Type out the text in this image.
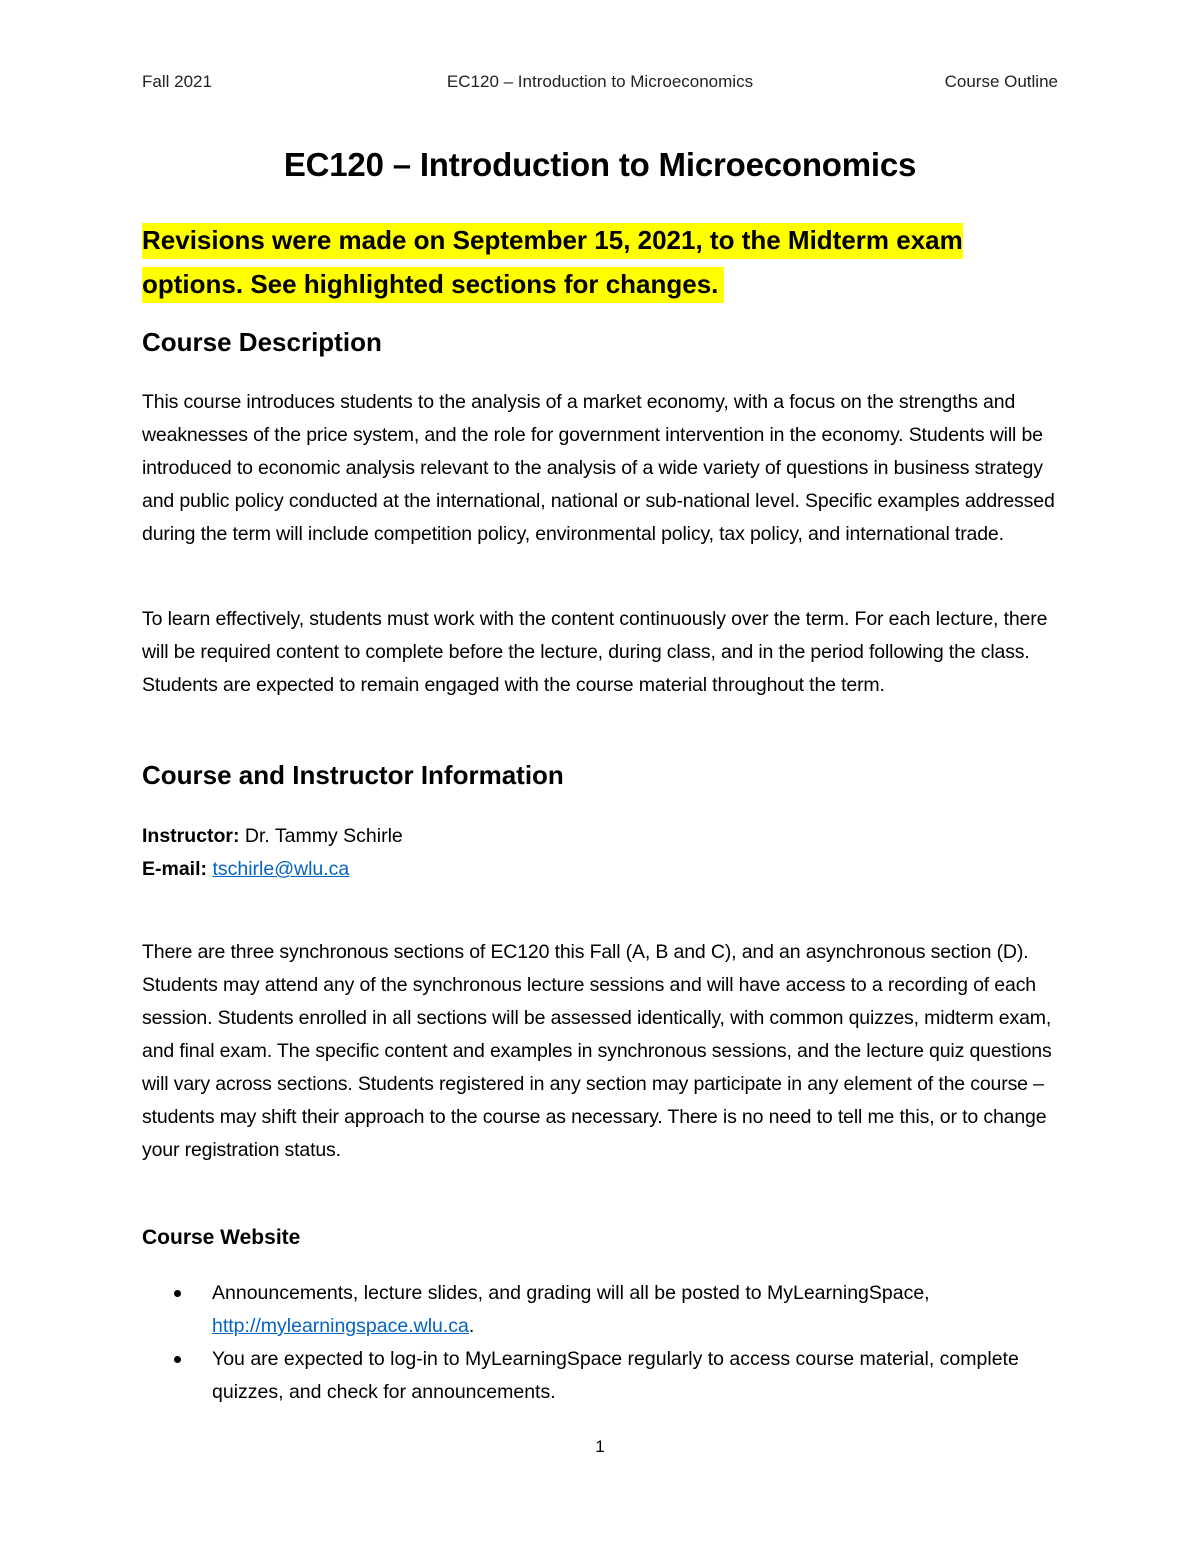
Fall 2021	EC120 – Introduction to Microeconomics	Course Outline
EC120 – Introduction to Microeconomics
Revisions were made on September 15, 2021, to the Midterm exam options. See highlighted sections for changes.
Course Description
This course introduces students to the analysis of a market economy, with a focus on the strengths and weaknesses of the price system, and the role for government intervention in the economy. Students will be introduced to economic analysis relevant to the analysis of a wide variety of questions in business strategy and public policy conducted at the international, national or sub-national level. Specific examples addressed during the term will include competition policy, environmental policy, tax policy, and international trade.
To learn effectively, students must work with the content continuously over the term. For each lecture, there will be required content to complete before the lecture, during class, and in the period following the class. Students are expected to remain engaged with the course material throughout the term.
Course and Instructor Information
Instructor: Dr. Tammy Schirle
E-mail: tschirle@wlu.ca
There are three synchronous sections of EC120 this Fall (A, B and C), and an asynchronous section (D). Students may attend any of the synchronous lecture sessions and will have access to a recording of each session. Students enrolled in all sections will be assessed identically, with common quizzes, midterm exam, and final exam. The specific content and examples in synchronous sessions, and the lecture quiz questions will vary across sections. Students registered in any section may participate in any element of the course – students may shift their approach to the course as necessary. There is no need to tell me this, or to change your registration status.
Course Website
Announcements, lecture slides, and grading will all be posted to MyLearningSpace,
http://mylearningspace.wlu.ca.
You are expected to log-in to MyLearningSpace regularly to access course material, complete quizzes, and check for announcements.
1
